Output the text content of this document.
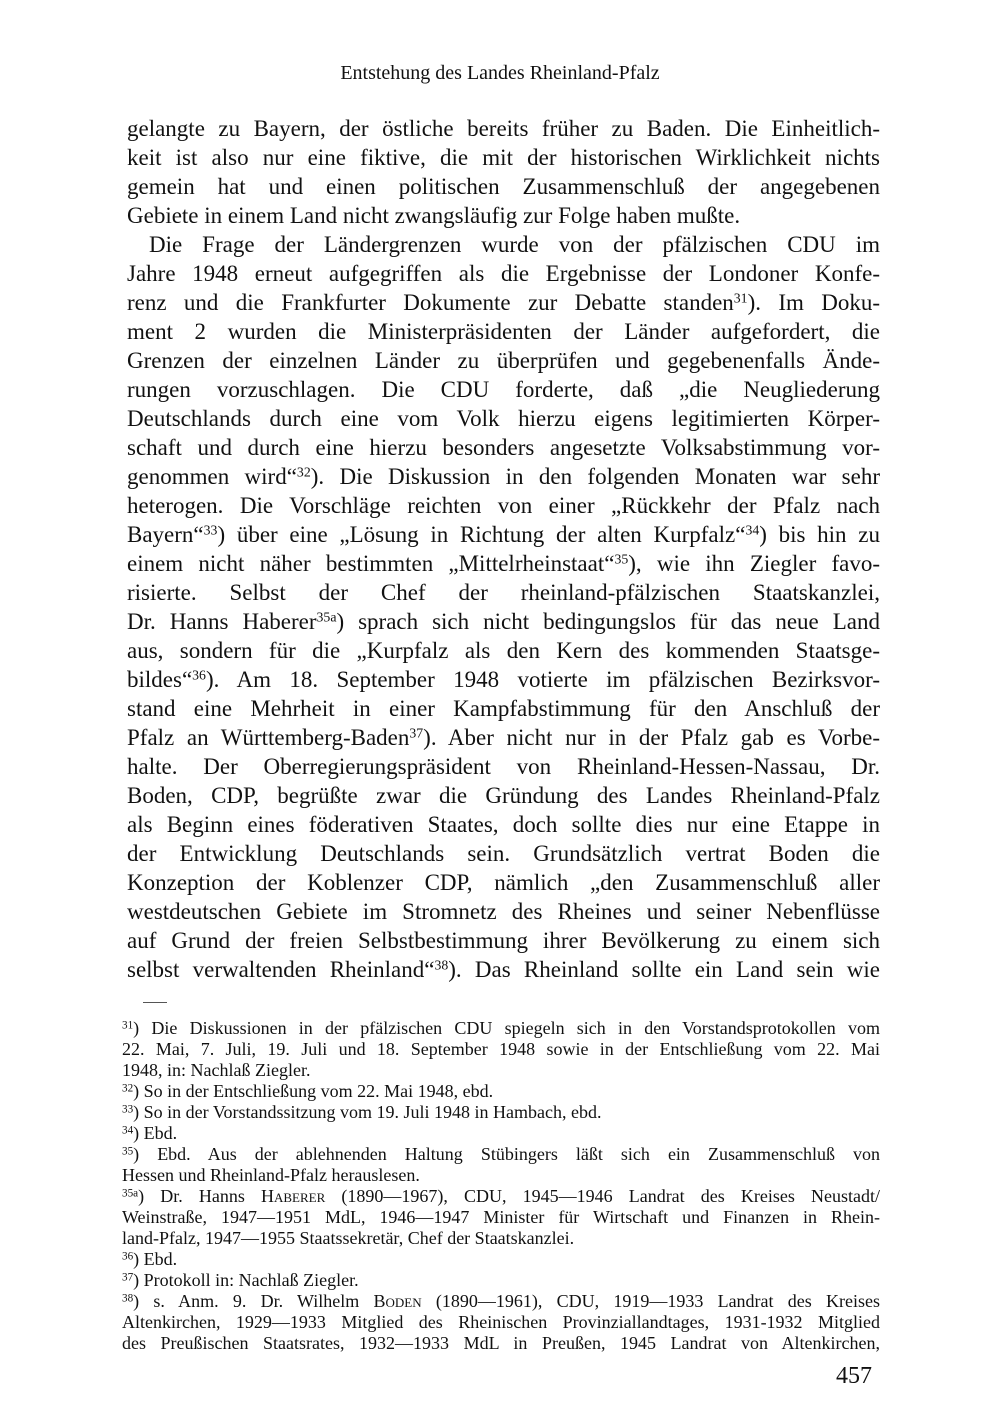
Entstehung des Landes Rheinland-Pfalz
gelangte zu Bayern, der östliche bereits früher zu Baden. Die Einheitlich-
keit ist also nur eine fiktive, die mit der historischen Wirklichkeit nichts
gemein hat und einen politischen Zusammenschluß der angegebenen
Gebiete in einem Land nicht zwangsläufig zur Folge haben mußte.
Die Frage der Ländergrenzen wurde von der pfälzischen CDU im
Jahre 1948 erneut aufgegriffen als die Ergebnisse der Londoner Konfe-
renz und die Frankfurter Dokumente zur Debatte standen$^{31}$). Im Doku-
ment 2 wurden die Ministerpräsidenten der Länder aufgefordert, die
Grenzen der einzelnen Länder zu überprüfen und gegebenenfalls Ände-
rungen vorzuschlagen. Die CDU forderte, daß „die Neugliederung
Deutschlands durch eine vom Volk hierzu eigens legitimierten Körper-
schaft und durch eine hierzu besonders angesetzte Volksabstimmung vor-
genommen wird“$^{32}$). Die Diskussion in den folgenden Monaten war sehr
heterogen. Die Vorschläge reichten von einer „Rückkehr der Pfalz nach
Bayern“$^{33}$) über eine „Lösung in Richtung der alten Kurpfalz“$^{34}$) bis hin zu
einem nicht näher bestimmten „Mittelrheinstaat“$^{35}$), wie ihn Ziegler favo-
risierte. Selbst der Chef der rheinland-pfälzischen Staatskanzlei,
Dr. Hanns Haberer$^{35a}$) sprach sich nicht bedingungslos für das neue Land
aus, sondern für die „Kurpfalz als den Kern des kommenden Staatsge-
bildes“$^{36}$). Am 18. September 1948 votierte im pfälzischen Bezirksvor-
stand eine Mehrheit in einer Kampfabstimmung für den Anschluß der
Pfalz an Württemberg-Baden$^{37}$). Aber nicht nur in der Pfalz gab es Vorbe-
halte. Der Oberregierungspräsident von Rheinland-Hessen-Nassau, Dr.
Boden, CDP, begrüßte zwar die Gründung des Landes Rheinland-Pfalz
als Beginn eines föderativen Staates, doch sollte dies nur eine Etappe in
der Entwicklung Deutschlands sein. Grundsätzlich vertrat Boden die
Konzeption der Koblenzer CDP, nämlich „den Zusammenschluß aller
westdeutschen Gebiete im Stromnetz des Rheines und seiner Nebenflüsse
auf Grund der freien Selbstbestimmung ihrer Bevölkerung zu einem sich
selbst verwaltenden Rheinland“$^{38}$). Das Rheinland sollte ein Land sein wie
$^{31}$) Die Diskussionen in der pfälzischen CDU spiegeln sich in den Vorstandsprotokollen vom
22. Mai, 7. Juli, 19. Juli und 18. September 1948 sowie in der Entschließung vom 22. Mai
1948, in: Nachlaß Ziegler.
$^{32}$) So in der Entschließung vom 22. Mai 1948, ebd.
$^{33}$) So in der Vorstandssitzung vom 19. Juli 1948 in Hambach, ebd.
$^{34}$) Ebd.
$^{35}$) Ebd. Aus der ablehnenden Haltung Stübingers läßt sich ein Zusammenschluß von
Hessen und Rheinland-Pfalz herauslesen.
$^{35a}$) Dr. Hanns Haberer (1890—1967), CDU, 1945—1946 Landrat des Kreises Neustadt/
Weinstraße, 1947—1951 MdL, 1946—1947 Minister für Wirtschaft und Finanzen in Rhein-
land-Pfalz, 1947—1955 Staatssekretär, Chef der Staatskanzlei.
$^{36}$) Ebd.
$^{37}$) Protokoll in: Nachlaß Ziegler.
$^{38}$) s. Anm. 9. Dr. Wilhelm Boden (1890—1961), CDU, 1919—1933 Landrat des Kreises
Altenkirchen, 1929—1933 Mitglied des Rheinischen Provinziallandtages, 1931-1932 Mitglied
des Preußischen Staatsrates, 1932—1933 MdL in Preußen, 1945 Landrat von Altenkirchen,
457
